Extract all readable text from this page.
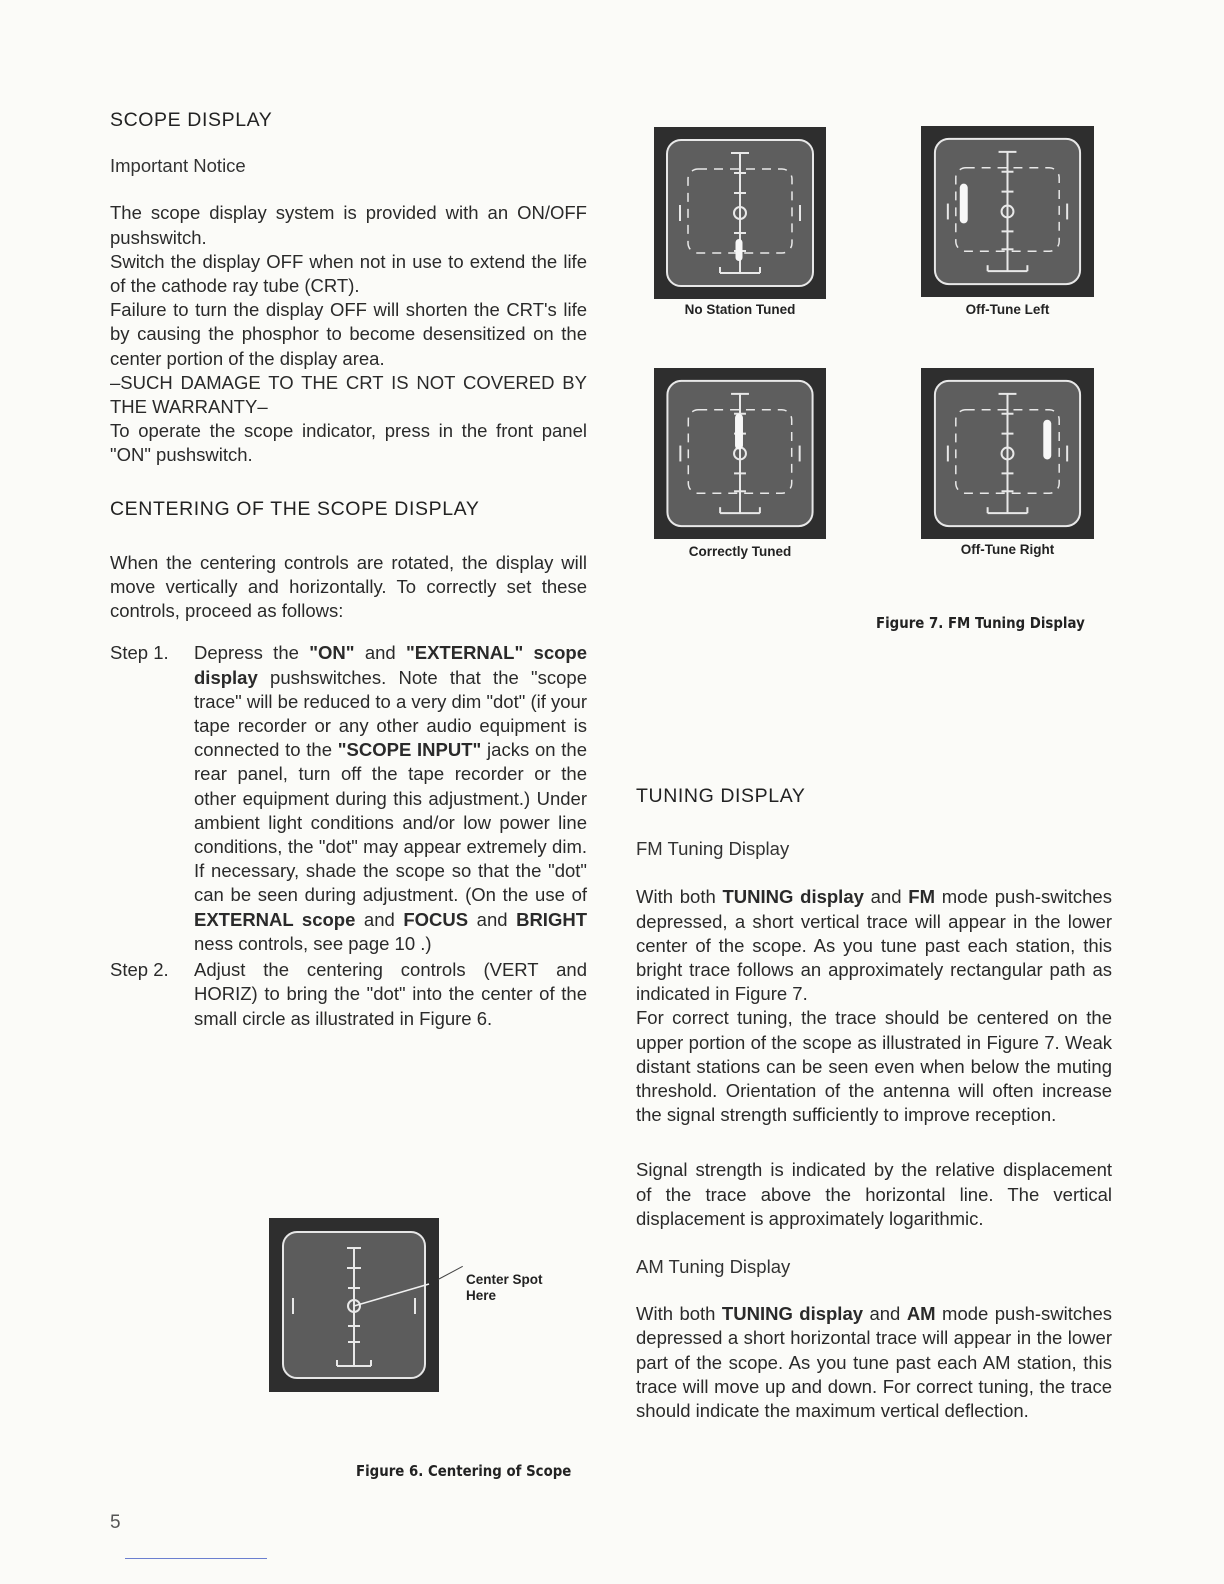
SCOPE DISPLAY
Important Notice

The scope display system is provided with an ON/OFF pushswitch.

Switch the display OFF when not in use to extend the life of the cathode ray tube (CRT).

Failure to turn the display OFF will shorten the CRT's life by causing the phosphor to become desensitized on the center portion of the display area.

–SUCH DAMAGE TO THE CRT IS NOT COVERED BY THE WARRANTY–

To operate the scope indicator, press in the front panel "ON" pushswitch.

CENTERING OF THE SCOPE DISPLAY

When the centering controls are rotated, the display will move vertically and horizontally. To correctly set these controls, proceed as follows:

Step 1. Depress the "ON" and "EXTERNAL" scope display pushswitches. Note that the "scope trace" will be reduced to a very dim "dot" (if your tape recorder or any other audio equipment is connected to the "SCOPE INPUT" jacks on the rear panel, turn off the tape recorder or the other equipment during this adjustment.) Under ambient light conditions and/or low power line conditions, the "dot" may appear extremely dim. If necessary, shade the scope so that the "dot" can be seen during adjustment. (On the use of EXTERNAL scope and FOCUS and BRIGHT ness controls, see page 10 .)
Step 2. Adjust the centering controls (VERT and HORIZ) to bring the "dot" into the center of the small circle as illustrated in Figure 6.
Center Spot
Here
Figure 6. Centering of Scope
No Station Tuned	Off-Tune Left
Correctly Tuned	Off-Tune Right
Figure 7. FM Tuning Display
TUNING DISPLAY
FM Tuning Display

With both TUNING display and FM mode push-switches depressed, a short vertical trace will appear in the lower center of the scope. As you tune past each station, this bright trace follows an approximately rectangular path as indicated in Figure 7.

For correct tuning, the trace should be centered on the upper portion of the scope as illustrated in Figure 7. Weak distant stations can be seen even when below the muting threshold. Orientation of the antenna will often increase the signal strength sufficiently to improve reception.

Signal strength is indicated by the relative displacement of the trace above the horizontal line. The vertical displacement is approximately logarithmic.

AM Tuning Display

With both TUNING display and AM mode push-switches depressed a short horizontal trace will appear in the lower part of the scope. As you tune past each AM station, this trace will move up and down. For correct tuning, the trace should indicate the maximum vertical deflection.

5
